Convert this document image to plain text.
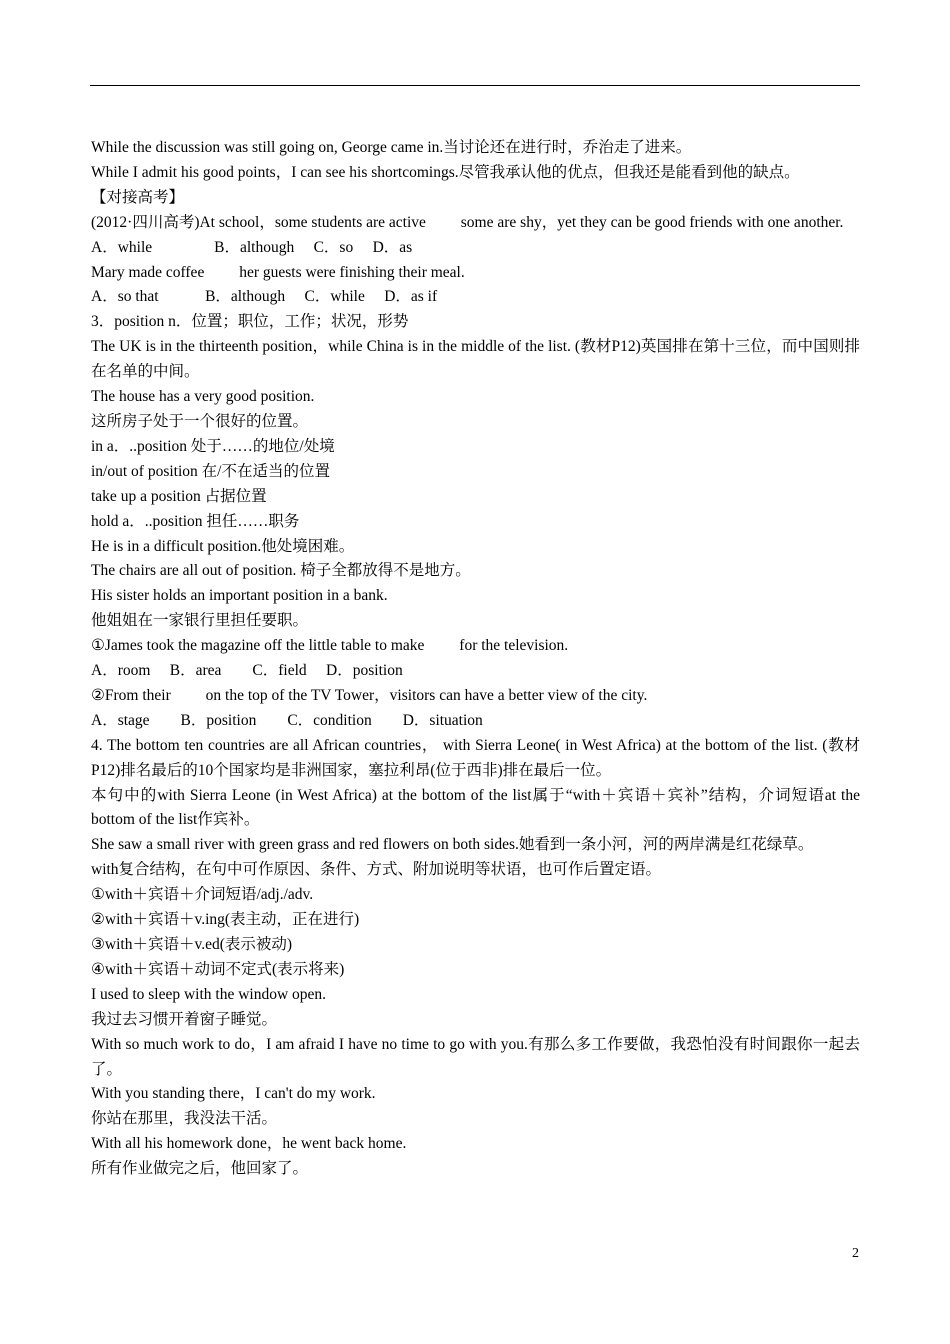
While the discussion was still going on, George came in.当讨论还在进行时，乔治走了进来。
While I admit his good points，I can see his shortcomings.尽管我承认他的优点，但我还是能看到他的缺点。
【对接高考】
(2012·四川高考)At school，some students are active　　 some are shy，yet they can be good friends with one another.
A．while　　　　B．although　 C．so　 D．as
Mary made coffee　　 her guests were finishing their meal.
A．so that　　　B．although　 C．while　 D．as if
3．position n．位置；职位，工作；状况，形势
The UK is in the thirteenth position，while China is in the middle of the list. (教材P12)英国排在第十三位，而中国则排在名单的中间。
The house has a very good position.
这所房子处于一个很好的位置。
in a．..position 处于……的地位/处境
in/out of position 在/不在适当的位置
take up a position 占据位置
hold a．..position 担任……职务
He is in a difficult position.他处境困难。
The chairs are all out of position. 椅子全都放得不是地方。
His sister holds an important position in a bank.
他姐姐在一家银行里担任要职。
①James took the magazine off the little table to make　　 for the television.
A．room　 B．area　　C．field　 D．position
②From their　　 on the top of the TV Tower，visitors can have a better view of the city.
A．stage　　B．position　　C．condition　　D．situation
4. The bottom ten countries are all African countries， with Sierra Leone( in West Africa) at the bottom of the list. (教材P12)排名最后的10个国家均是非洲国家，塞拉利昂(位于西非)排在最后一位。
本句中的with Sierra Leone (in West Africa) at the bottom of the list属于“with＋宾语＋宾补”结构，介词短语at the bottom of the list作宾补。
She saw a small river with green grass and red flowers on both sides.她看到一条小河，河的两岸满是红花绿草。
with复合结构，在句中可作原因、条件、方式、附加说明等状语，也可作后置定语。
①with＋宾语＋介词短语/adj./adv.
②with＋宾语＋v.ing(表主动，正在进行)
③with＋宾语＋v.ed(表示被动)
④with＋宾语＋动词不定式(表示将来)
I used to sleep with the window open.
我过去习惯开着窗子睡觉。
With so much work to do，I am afraid I have no time to go with you.有那么多工作要做，我恐怕没有时间跟你一起去了。
With you standing there，I can't do my work.
你站在那里，我没法干活。
With all his homework done，he went back home.
所有作业做完之后，他回家了。
2
